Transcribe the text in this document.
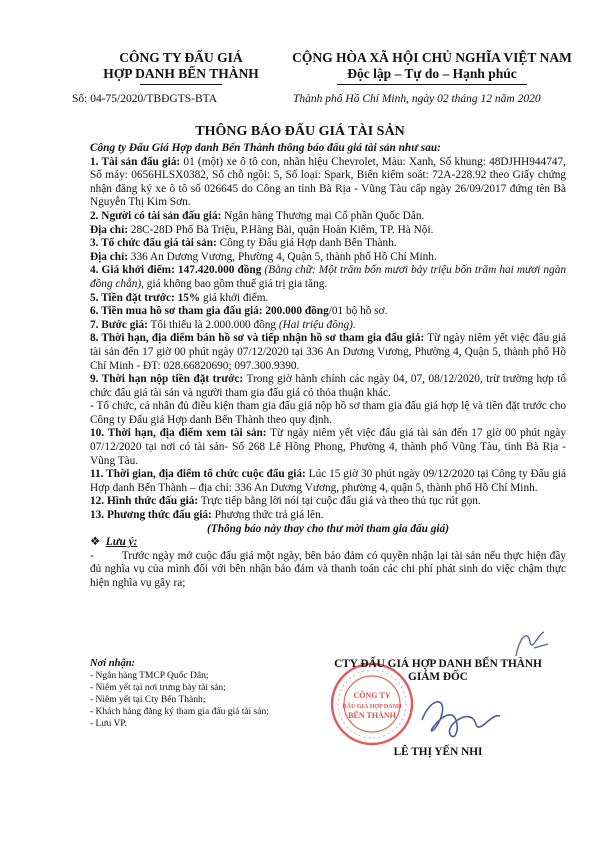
CÔNG TY ĐẤU GIÁ
HỢP DANH BẾN THÀNH
CỘNG HÒA XÃ HỘI CHỦ NGHĨA VIỆT NAM
Độc lập – Tự do – Hạnh phúc
Số: 04-75/2020/TBĐGTS-BTA	Thành phố Hồ Chí Minh, ngày 02 tháng 12 năm 2020
THÔNG BÁO ĐẤU GIÁ TÀI SẢN

Công ty Đấu Giá Hợp danh Bến Thành thông báo đấu giá tài sản như sau:

1. Tài sản đấu giá: 01 (một) xe ô tô con, nhãn hiệu Chevrolet, Màu: Xanh, Số khung: 48DJHH944747, Số máy: 0656HLSX0382, Số chỗ ngồi: 5, Số loại: Spark, Biển kiểm soát: 72A-228.92 theo Giấy chứng nhận đăng ký xe ô tô số 026645 do Công an tỉnh Bà Rịa - Vũng Tàu cấp ngày 26/09/2017 đứng tên Bà Nguyễn Thị Kim Sơn.

2. Người có tài sản đấu giá: Ngân hàng Thương mại Cổ phần Quốc Dân.

Địa chỉ: 28C-28D Phố Bà Triệu, P.Hàng Bài, quận Hoàn Kiếm, TP. Hà Nội.

3. Tổ chức đấu giá tài sản: Công ty Đấu giá Hợp danh Bến Thành.

Địa chỉ: 336 An Dương Vương, Phường 4, Quận 5, thành phố Hồ Chí Minh.

4. Giá khởi điểm: 147.420.000 đồng (Bằng chữ: Một trăm bốn mươi bảy triệu bốn trăm hai mươi ngàn đồng chẵn), giá không bao gồm thuế giá trị gia tăng.

5. Tiền đặt trước: 15% giá khởi điểm.

6. Tiền mua hồ sơ tham gia đấu giá: 200.000 đồng/01 bộ hồ sơ.

7. Bước giá: Tối thiểu là 2.000.000 đồng (Hai triệu đồng).

8. Thời hạn, địa điểm bán hồ sơ và tiếp nhận hồ sơ tham gia đấu giá: Từ ngày niêm yết việc đấu giá tài sản đến 17 giờ 00 phút ngày 07/12/2020 tại 336 An Dương Vương, Phường 4, Quận 5, thành phố Hồ Chí Minh - ĐT: 028.66820690; 097.300.9390.

9. Thời hạn nộp tiền đặt trước: Trong giờ hành chính các ngày 04, 07, 08/12/2020, trừ trường hợp tổ chức đấu giá tài sản và người tham gia đấu giá có thỏa thuận khác.

- Tổ chức, cá nhân đủ điều kiện tham gia đấu giá nộp hồ sơ tham gia đấu giá hợp lệ và tiền đặt trước cho Công ty Đấu giá Hợp danh Bến Thành theo quy định.

10. Thời hạn, địa điểm xem tài sản: Từ ngày niêm yết việc đấu giá tài sản đến 17 giờ 00 phút ngày 07/12/2020 tại nơi có tài sản- Số 268 Lê Hồng Phong, Phường 4, thành phố Vũng Tàu, tỉnh Bà Rịa - Vũng Tàu.

11. Thời gian, địa điểm tổ chức cuộc đấu giá: Lúc 15 giờ 30 phút ngày 09/12/2020 tại Công ty Đấu giá Hợp danh Bến Thành – địa chỉ: 336 An Dương Vương, phường 4, quận 5, thành phố Hồ Chí Minh.

12. Hình thức đấu giá: Trực tiếp bằng lời nói tại cuộc đấu giá và theo thủ tục rút gọn.

13. Phương thức đấu giá: Phương thức trả giá lên.

(Thông báo này thay cho thư mời tham gia đấu giá)

❖ Lưu ý:

- Trước ngày mở cuộc đấu giá một ngày, bên bảo đảm có quyền nhận lại tài sản nếu thực hiện đầy đủ nghĩa vụ của mình đối với bên nhận bảo đảm và thanh toán các chi phí phát sinh do việc chậm thực hiện nghĩa vụ gây ra;

Nơi nhận:

- Ngân hàng TMCP Quốc Dân;

- Niêm yết tại nơi trưng bày tài sản;

- Niêm yết tại Cty Bến Thành;

- Khách hàng đăng ký tham gia đấu giá tài sản;

- Lưu VP.

CÔNG TY
ĐẤU GIÁ HỢP DANH
BẾN THÀNH
CTY ĐẤU GIÁ HỢP DANH BẾN THÀNH
GIÁM ĐỐC
LÊ THỊ YẾN NHI
